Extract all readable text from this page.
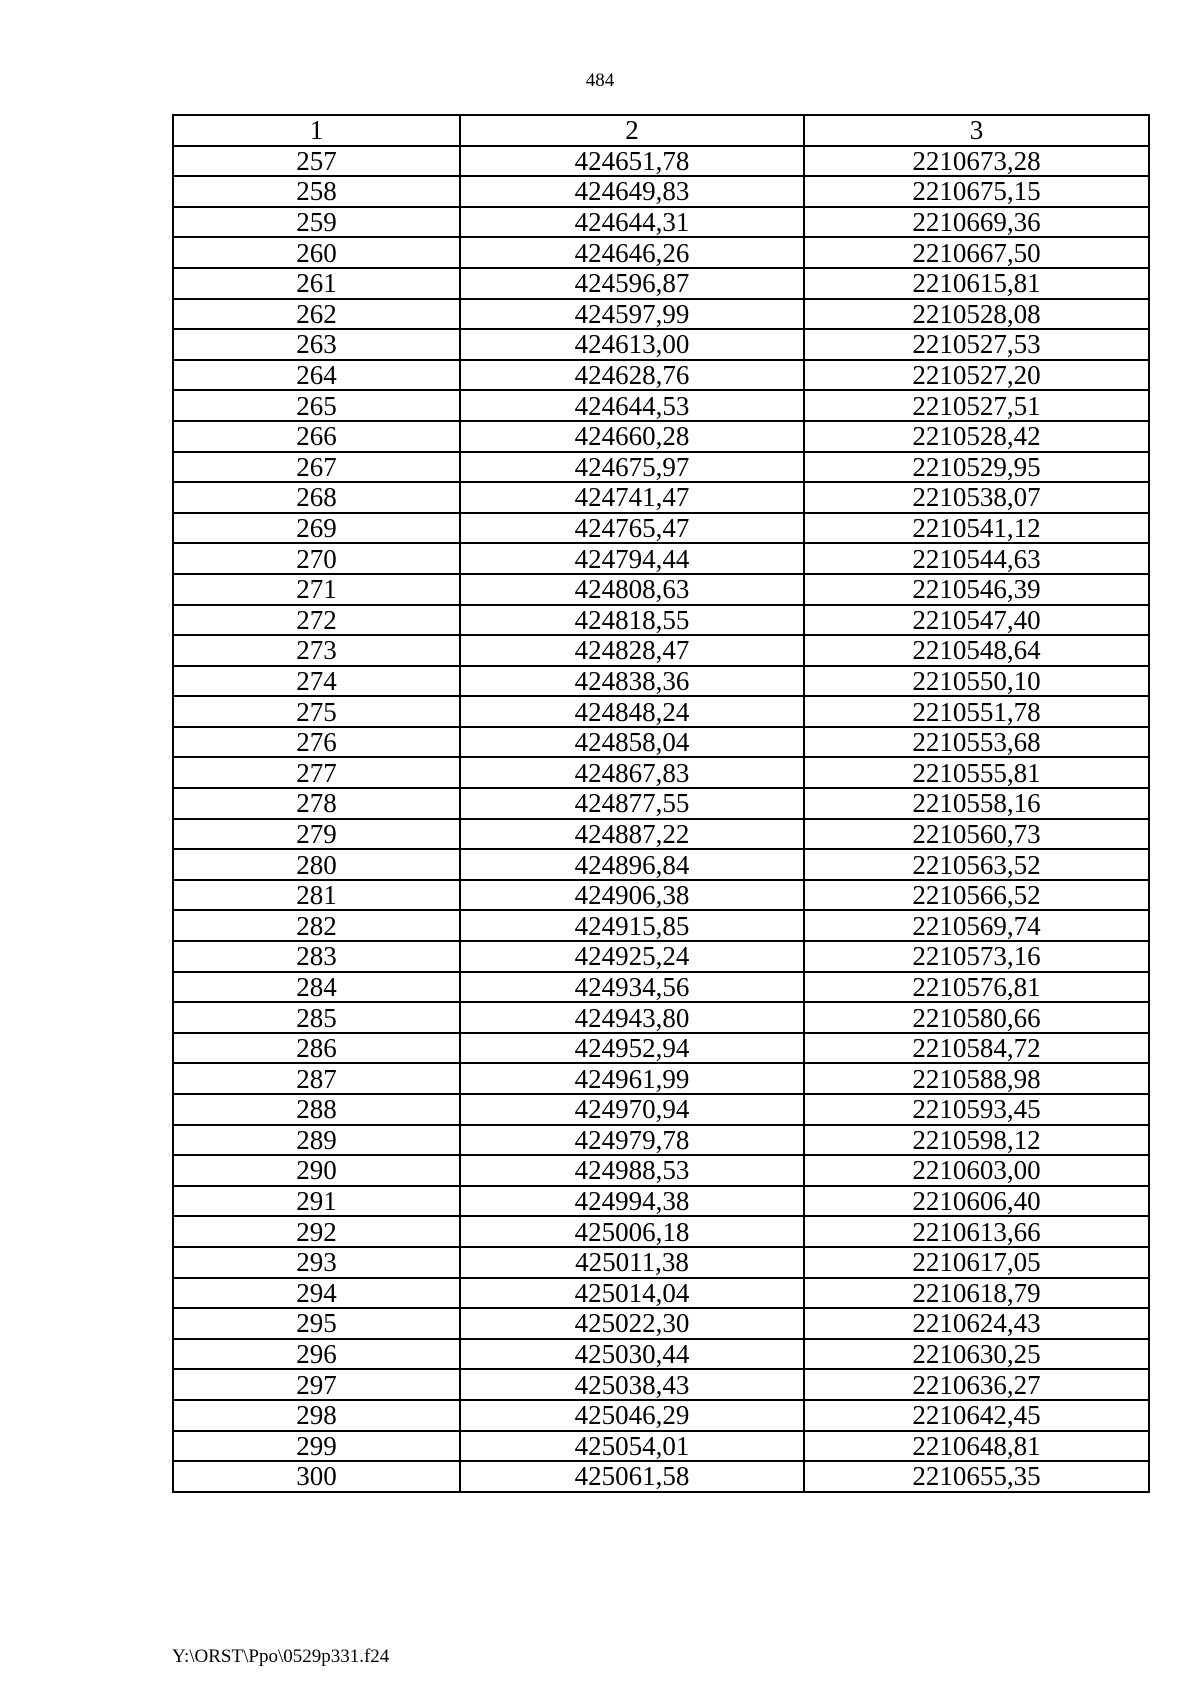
484
1	2	3
257	424651,78	2210673,28
258	424649,83	2210675,15
259	424644,31	2210669,36
260	424646,26	2210667,50
261	424596,87	2210615,81
262	424597,99	2210528,08
263	424613,00	2210527,53
264	424628,76	2210527,20
265	424644,53	2210527,51
266	424660,28	2210528,42
267	424675,97	2210529,95
268	424741,47	2210538,07
269	424765,47	2210541,12
270	424794,44	2210544,63
271	424808,63	2210546,39
272	424818,55	2210547,40
273	424828,47	2210548,64
274	424838,36	2210550,10
275	424848,24	2210551,78
276	424858,04	2210553,68
277	424867,83	2210555,81
278	424877,55	2210558,16
279	424887,22	2210560,73
280	424896,84	2210563,52
281	424906,38	2210566,52
282	424915,85	2210569,74
283	424925,24	2210573,16
284	424934,56	2210576,81
285	424943,80	2210580,66
286	424952,94	2210584,72
287	424961,99	2210588,98
288	424970,94	2210593,45
289	424979,78	2210598,12
290	424988,53	2210603,00
291	424994,38	2210606,40
292	425006,18	2210613,66
293	425011,38	2210617,05
294	425014,04	2210618,79
295	425022,30	2210624,43
296	425030,44	2210630,25
297	425038,43	2210636,27
298	425046,29	2210642,45
299	425054,01	2210648,81
300	425061,58	2210655,35
Y:\ORST\Ppo\0529p331.f24
